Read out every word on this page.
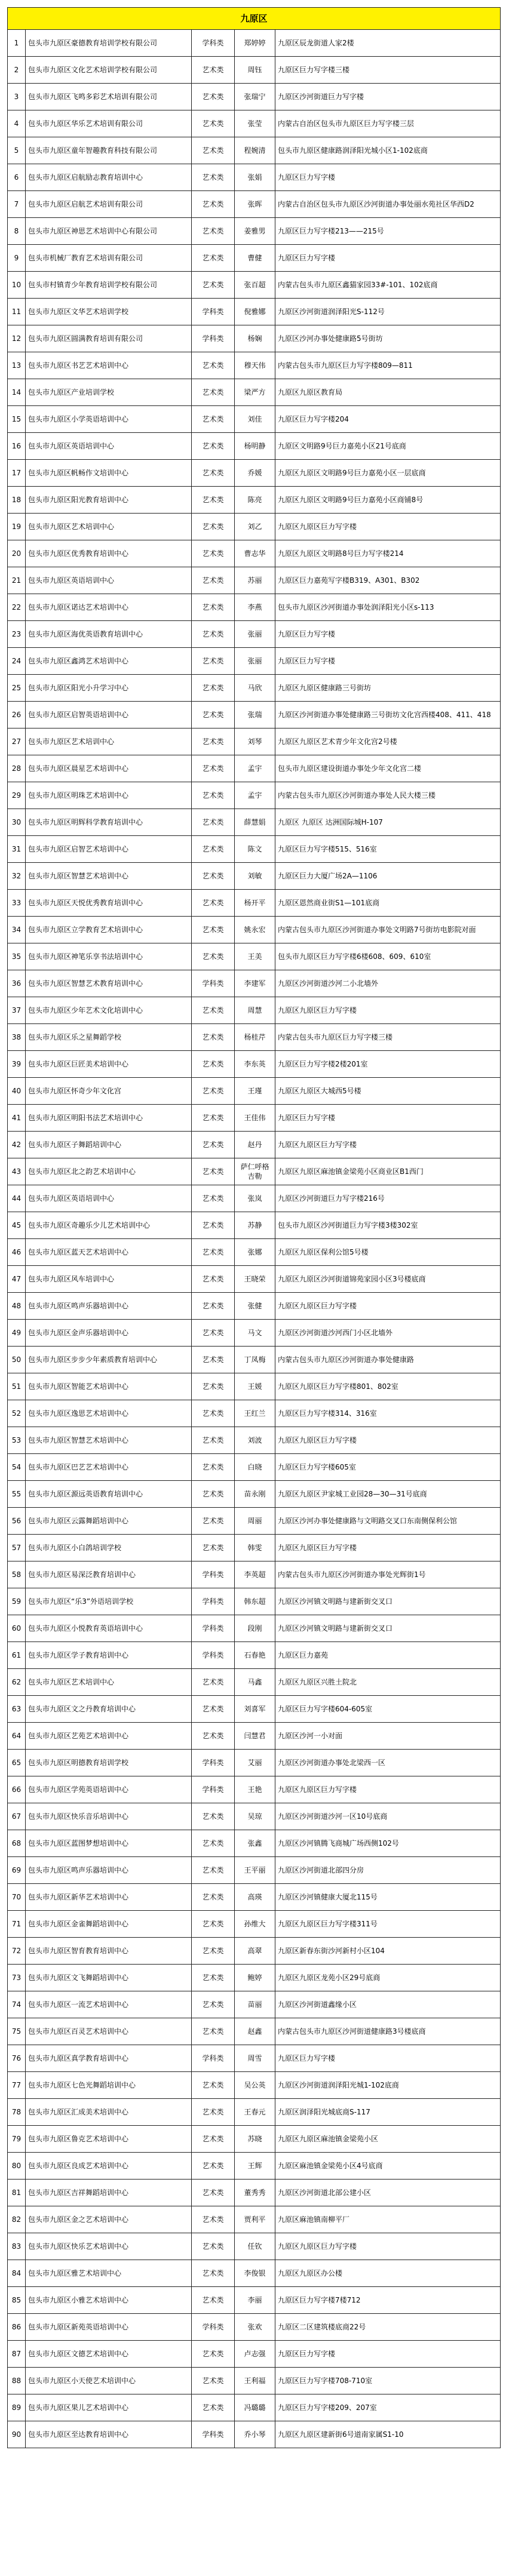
九原区				
1	包头市九原区豪德教育培训学校有限公司	学科类	郑婷婷	九原区辰龙街道人家2楼
2	包头市九原区文化艺术培训学校有限公司	艺术类	周钰	九原区巨力写字楼三楼
3	包头市九原区飞鸣多彩艺术培训有限公司	艺术类	张瑞宁	九原区沙河街道巨力写字楼
4	包头市九原区华乐艺术培训有限公司	艺术类	张莹	内蒙古自治区包头市九原区巨力写字楼三层
5	包头市九原区童年智趣教育科技有限公司	艺术类	程婉清	包头市九原区健康路润泽阳光城小区1-102底商
6	包头市九原区启航励志教育培训中心	艺术类	张娟	九原区巨力写字楼
7	包头市九原区启航艺术培训有限公司	艺术类	张晖	内蒙古自治区包头市九原区沙河街道办事处丽水苑社区华西D2
8	包头市九原区神思艺术培训中心有限公司	艺术类	姜雅男	九原区巨力写字楼213——215号
9	包头市机械厂教育艺术培训有限公司	艺术类	曹健	九原区巨力写字楼
10	包头市村镇青少年教育培训学校有限公司	艺术类	张百超	内蒙古包头市九原区鑫猫家园33#-101、102底商
11	包头市九原区文华艺术培训学校	学科类	倪雅娜	九原区沙河街道润泽阳光S-112号
12	包头市九原区圆满教育培训有限公司	学科类	杨娴	九原区沙河办事处健康路5号街坊
13	包头市九原区书艺艺术培训中心	艺术类	穆天伟	内蒙古包头市九原区巨力写字楼809—811
14	包头市九原区产业培训学校	艺术类	梁严方	九原区九原区教育局
15	包头市九原区小学英语培训中心	艺术类	刘佳	九原区巨力写字楼204
16	包头市九原区英语培训中心	艺术类	杨明静	九原区文明路9号巨力嘉苑小区21号底商
17	包头市九原区帆畅作文培训中心	艺术类	乔媛	九原区九原区文明路9号巨力嘉苑小区一层底商
18	包头市九原区阳光教育培训中心	艺术类	陈亮	九原区九原区文明路9号巨力嘉苑小区商铺8号
19	包头市九原区艺术培训中心	艺术类	刘乙	九原区九原区巨力写字楼
20	包头市九原区优秀教育培训中心	艺术类	曹志华	九原区九原区文明路8号巨力写字楼214
21	包头市九原区英语培训中心	艺术类	苏丽	九原区巨力嘉苑写字楼B319、A301、B302
22	包头市九原区诺达艺术培训中心	艺术类	李燕	包头市九原区沙河街道办事处润泽阳光小区s-113
23	包头市九原区海优英语教育培训中心	艺术类	张丽	九原区巨力写字楼
24	包头市九原区鑫鸿艺术培训中心	艺术类	张丽	九原区巨力写字楼
25	包头市九原区阳光小升学习中心	艺术类	马欣	九原区九原区健康路三号街坊
26	包头市九原区启智英语培训中心	艺术类	张瑞	九原区沙河街道办事处健康路三号街坊文化宫西楼408、411、418
27	包头市九原区艺术培训中心	艺术类	刘琴	九原区九原区艺术青少年文化宫2号楼
28	包头市九原区晨星艺术培训中心	艺术类	孟宇	包头市九原区建设街道办事处少年文化宫二楼
29	包头市九原区明珠艺术培训中心	艺术类	孟宇	内蒙古包头市九原区沙河街道办事处人民大楼三楼
30	包头市九原区明辉科学教育培训中心	艺术类	薛慧娟	九原区 九原区 达洲国际城H-107
31	包头市九原区启智艺术培训中心	艺术类	陈文	九原区巨力写字楼515、516室
32	包头市九原区智慧艺术培训中心	艺术类	刘敏	九原区巨力大厦广场2A—1106
33	包头市九原区天悦优秀教育培训中心	艺术类	杨开平	九原区恩然商业街S1—101底商
34	包头市九原区立学教育艺术培训中心	艺术类	姚永宏	内蒙古包头市九原区沙河街道办事处文明路7号街坊电影院对面
35	包头市九原区神笔乐享书法培训中心	艺术类	王美	包头市九原区巨力写字楼6楼608、609、610室
36	包头市九原区智慧艺术教育培训中心	学科类	李建军	九原区沙河街道沙河二小北墙外
37	包头市九原区少年艺术文化培训中心	艺术类	周慧	九原区九原区巨力写字楼
38	包头市九原区乐之星舞蹈学校	艺术类	杨桂芹	内蒙古包头市九原区巨力写字楼三楼
39	包头市九原区巨匠美术培训中心	艺术类	李东英	九原区巨力写字楼2楼201室
40	包头市九原区怀奇少年文化宫	艺术类	王瑾	九原区九原区大城西5号楼
41	包头市九原区明阳书法艺术培训中心	艺术类	王佳伟	九原区巨力写字楼
42	包头市九原区子舞蹈培训中心	艺术类	赵丹	九原区九原区巨力写字楼
43	包头市九原区北之韵艺术培训中心	艺术类	萨仁呼格吉勒	九原区九原区麻池镇金梁苑小区商业区B1西门
44	包头市九原区英语培训中心	艺术类	张岚	九原区沙河街道巨力写字楼216号
45	包头市九原区奇趣乐少儿艺术培训中心	艺术类	苏静	包头市九原区沙河街道巨力写字楼3楼302室
46	包头市九原区蓝天艺术培训中心	艺术类	张娜	九原区九原区保利公馆5号楼
47	包头市九原区风车培训中心	艺术类	王晓荣	九原区九原区沙河街道锦苑家园小区3号楼底商
48	包头市九原区鸣声乐器培训中心	艺术类	张健	九原区九原区巨力写字楼
49	包头市九原区金声乐器培训中心	艺术类	马文	九原区沙河街道沙河西门小区北墙外
50	包头市九原区步步少年素质教育培训中心	艺术类	丁凤梅	内蒙古包头市九原区沙河街道办事处健康路
51	包头市九原区智能艺术培训中心	艺术类	王媛	九原区九原区巨力写字楼801、802室
52	包头市九原区逸思艺术培训中心	艺术类	王红兰	九原区巨力写字楼314、316室
53	包头市九原区智慧艺术培训中心	艺术类	刘波	九原区九原区巨力写字楼
54	包头市九原区巴艺艺术培训中心	艺术类	白晓	九原区巨力写字楼605室
55	包头市九原区源远英语教育培训中心	艺术类	苗永刚	九原区九原区尹家城工业园28—30—31号底商
56	包头市九原区云露舞蹈培训中心	艺术类	周丽	九原区沙河办事处健康路与文明路交叉口东南侧保利公馆
57	包头市九原区小白鸽培训学校	艺术类	韩雯	九原区九原区巨力写字楼
58	包头市九原区易深泛教育培训中心	学科类	李英超	内蒙古包头市九原区沙河街道办事处光辉街1号
59	包头市九原区“乐3”外语培训学校	学科类	韩东超	九原区沙河镇文明路与建新街交叉口
60	包头市九原区小悦教育英语培训中心	学科类	段刚	九原区沙河镇文明路与建新街交叉口
61	包头市九原区学子教育培训中心	学科类	石春艳	九原区巨力嘉苑
62	包头市九原区艺术培训中心	艺术类	马鑫	九原区九原区兴胜土院北
63	包头市九原区文之丹教育培训中心	艺术类	刘喜军	九原区巨力写字楼604-605室
64	包头市九原区艺苑艺术培训中心	艺术类	闫慧君	九原区沙河一小对面
65	包头市九原区明德教育培训学校	学科类	艾丽	九原区沙河街道办事处北梁西一区
66	包头市九原区学苑英语培训中心	学科类	王艳	九原区九原区巨力写字楼
67	包头市九原区快乐音乐培训中心	艺术类	吴琼	九原区沙河街道沙河一区10号底商
68	包头市九原区蓝图梦想培训中心	艺术类	张鑫	九原区沙河镇腾飞商城广场西侧102号
69	包头市九原区鸣声乐器培训中心	艺术类	王平丽	九原区沙河街道北部四分房
70	包头市九原区新华艺术培训中心	艺术类	高瑛	九原区沙河镇健康大厦北115号
71	包头市九原区金雀舞蹈培训中心	艺术类	孙维大	九原区九原区巨力写字楼311号
72	包头市九原区智育教育培训中心	艺术类	高翠	九原区新春东街沙河新村小区104
73	包头市九原区文飞舞蹈培训中心	艺术类	鲍婷	九原区九原区龙苑小区29号底商
74	包头市九原区一流艺术培训中心	艺术类	苗丽	九原区沙河街道鑫缘小区
75	包头市九原区百灵艺术培训中心	艺术类	赵鑫	内蒙古包头市九原区沙河街道健康路3号楼底商
76	包头市九原区真学教育培训中心	学科类	周雪	九原区巨力写字楼
77	包头市九原区七色光舞蹈培训中心	艺术类	吴公英	九原区沙河街道润泽阳光城1-102底商
78	包头市九原区汇成美术培训中心	艺术类	王春元	九原区润泽阳光城底商S-117
79	包头市九原区鲁克艺术培训中心	艺术类	苏晓	九原区九原区麻池镇金梁苑小区
80	包头市九原区良成艺术培训中心	艺术类	王辉	九原区麻池镇金梁苑小区4号底商
81	包头市九原区吉祥舞蹈培训中心	艺术类	董秀秀	九原区沙河街道北部公建小区
82	包头市九原区金之艺术培训中心	艺术类	贾利平	九原区麻池镇南柳平厂
83	包头市九原区快乐艺术培训中心	艺术类	任钦	九原区九原区巨力写字楼
84	包头市九原区雅艺术培训中心	艺术类	李俊银	九原区九原区办公楼
85	包头市九原区小雅艺术培训中心	艺术类	李丽	九原区巨力写字楼7楼712
86	包头市九原区新苑英语培训中心	学科类	张欢	九原区二区建筑楼底商22号
87	包头市九原区文德艺术培训中心	艺术类	卢志强	九原区巨力写字楼
88	包头市九原区小天使艺术培训中心	艺术类	王利福	九原区巨力写字楼708-710室
89	包头市九原区果儿艺术培训中心	艺术类	冯璐璐	九原区巨力写字楼209、207室
90	包头市九原区至达教育培训中心	学科类	乔小琴	九原区九原区建新街6号道南家属S1-10
